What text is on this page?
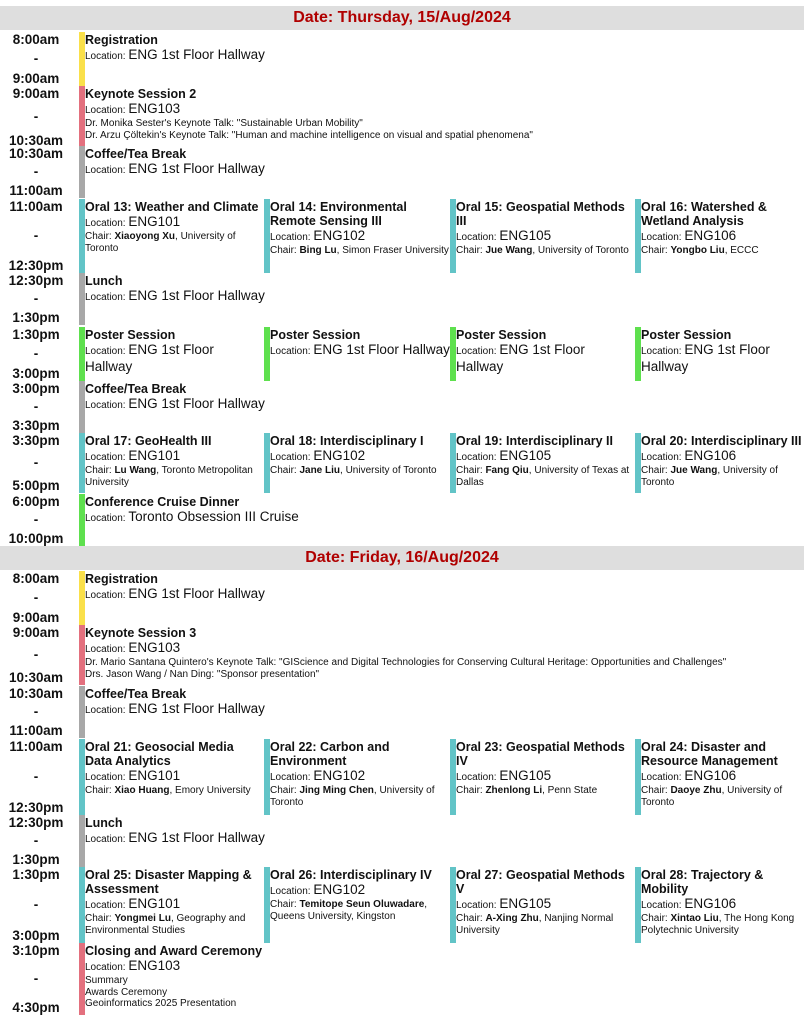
Date: Thursday, 15/Aug/2024
8:00am
-
9:00am
Registration
Location: ENG 1st Floor Hallway
9:00am
-
10:30am
Keynote Session 2
Location: ENG103
Dr. Monika Sester's Keynote Talk: "Sustainable Urban Mobility"
Dr. Arzu Çöltekin's Keynote Talk: "Human and machine intelligence on visual and spatial phenomena"
10:30am
-
11:00am
Coffee/Tea Break
Location: ENG 1st Floor Hallway
11:00am
-
12:30pm
Oral 13: Weather and Climate
Location: ENG101
Chair: Xiaoyong Xu, University of Toronto
Oral 14: Environmental Remote Sensing III
Location: ENG102
Chair: Bing Lu, Simon Fraser University
Oral 15: Geospatial Methods III
Location: ENG105
Chair: Jue Wang, University of Toronto
Oral 16: Watershed & Wetland Analysis
Location: ENG106
Chair: Yongbo Liu, ECCC
12:30pm
-
1:30pm
Lunch
Location: ENG 1st Floor Hallway
1:30pm
-
3:00pm
Poster Session
Location: ENG 1st Floor Hallway
Poster Session
Location: ENG 1st Floor Hallway
Poster Session
Location: ENG 1st Floor Hallway
Poster Session
Location: ENG 1st Floor Hallway
3:00pm
-
3:30pm
Coffee/Tea Break
Location: ENG 1st Floor Hallway
3:30pm
-
5:00pm
Oral 17: GeoHealth III
Location: ENG101
Chair: Lu Wang, Toronto Metropolitan University
Oral 18: Interdisciplinary I
Location: ENG102
Chair: Jane Liu, University of Toronto
Oral 19: Interdisciplinary II
Location: ENG105
Chair: Fang Qiu, University of Texas at Dallas
Oral 20: Interdisciplinary III
Location: ENG106
Chair: Jue Wang, University of Toronto
6:00pm
-
10:00pm
Conference Cruise Dinner
Location: Toronto Obsession III Cruise
Date: Friday, 16/Aug/2024
8:00am
-
9:00am
Registration
Location: ENG 1st Floor Hallway
9:00am
-
10:30am
Keynote Session 3
Location: ENG103
Dr. Mario Santana Quintero's Keynote Talk: "GIScience and Digital Technologies for Conserving Cultural Heritage: Opportunities and Challenges"
Drs. Jason Wang / Nan Ding: "Sponsor presentation"
10:30am
-
11:00am
Coffee/Tea Break
Location: ENG 1st Floor Hallway
11:00am
-
12:30pm
Oral 21: Geosocial Media Data Analytics
Location: ENG101
Chair: Xiao Huang, Emory University
Oral 22: Carbon and Environment
Location: ENG102
Chair: Jing Ming Chen, University of Toronto
Oral 23: Geospatial Methods IV
Location: ENG105
Chair: Zhenlong Li, Penn State
Oral 24: Disaster and Resource Management
Location: ENG106
Chair: Daoye Zhu, University of Toronto
12:30pm
-
1:30pm
Lunch
Location: ENG 1st Floor Hallway
1:30pm
-
3:00pm
Oral 25: Disaster Mapping & Assessment
Location: ENG101
Chair: Yongmei Lu, Geography and Environmental Studies
Oral 26: Interdisciplinary IV
Location: ENG102
Chair: Temitope Seun Oluwadare, Queens University, Kingston
Oral 27: Geospatial Methods V
Location: ENG105
Chair: A-Xing Zhu, Nanjing Normal University
Oral 28: Trajectory & Mobility
Location: ENG106
Chair: Xintao Liu, The Hong Kong Polytechnic University
3:10pm
-
4:30pm
Closing and Award Ceremony
Location: ENG103
Summary
Awards Ceremony
Geoinformatics 2025 Presentation
